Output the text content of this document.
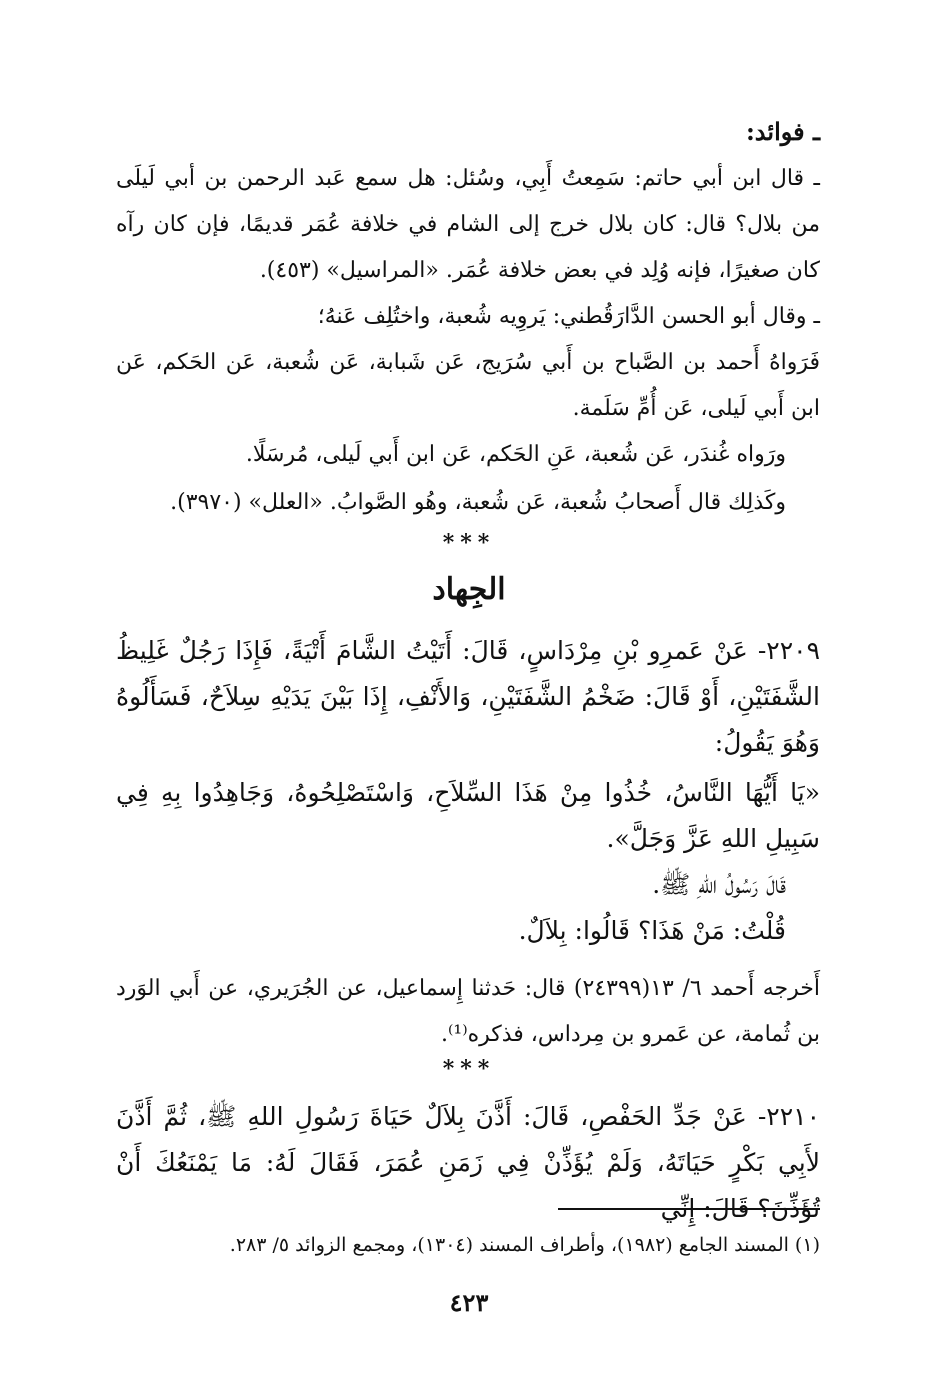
ـ فوائد:

ـ قال ابن أبي حاتم: سَمِعتُ أَبِي، وسُئل: هل سمع عَبد الرحمن بن أبي لَيلَى من بلال؟ قال: كان بلال خرج إلى الشام في خلافة عُمَر قديمًا، فإن كان رآه كان صغيرًا، فإنه وُلِد في بعض خلافة عُمَر. «المراسيل» (٤٥٣).

ـ وقال أبو الحسن الدَّارَقُطني: يَروِيه شُعبة، واختُلِف عَنهُ؛

فَرَواهُ أَحمد بن الصَّباح بن أَبي سُرَيج، عَن شَبابة، عَن شُعبة، عَن الحَكم، عَن ابن أَبي لَيلى، عَن أُمِّ سَلَمة.

ورَواه غُندَر، عَن شُعبة، عَنِ الحَكم، عَن ابن أَبي لَيلى، مُرسَلًا.

وكَذلِك قال أَصحابُ شُعبة، عَن شُعبة، وهُو الصَّوابُ. «العلل» (٣٩٧٠).

***
الجِهاد

٢٢٠٩- عَنْ عَمرِو بْنِ مِرْدَاسٍ، قَالَ: أَتَيْتُ الشَّامَ أَتْيَةً، فَإِذَا رَجُلٌ غَلِيظُ الشَّفَتَيْنِ، أَوْ قَالَ: ضَخْمُ الشَّفَتَيْنِ، وَالأَنْفِ، إِذَا بَيْنَ يَدَيْهِ سِلاَحٌ، فَسَأَلُوهُ وَهُوَ يَقُولُ:

«يَا أَيُّهَا النَّاسُ، خُذُوا مِنْ هَذَا السِّلاَحِ، وَاسْتَصْلِحُوهُ، وَجَاهِدُوا بِهِ فِي سَبِيلِ اللهِ عَزَّ وَجَلَّ».

قَالَ رَسُولُ اللهِ ﷺ.

قُلْتُ: مَنْ هَذَا؟ قَالُوا: بِلاَلٌ.

أَخرجه أَحمد ٦/ ١٣(٢٤٣٩٩) قال: حَدثنا إِسماعيل، عن الجُرَيري، عن أَبي الوَرد بن ثُمامة، عن عَمرو بن مِرداس، فذكره⁽¹⁾.

***

٢٢١٠- عَنْ جَدِّ الحَفْصِ، قَالَ: أَذَّنَ بِلاَلٌ حَيَاةَ رَسُولِ اللهِ ﷺ، ثُمَّ أَذَّنَ لأَبِي بَكْرٍ حَيَاتَهُ، وَلَمْ يُؤَذِّنْ فِي زَمَنِ عُمَرَ، فَقَالَ لَهُ: مَا يَمْنَعُكَ أَنْ تُؤَذِّنَ؟ قَالَ: إِنِّي

(١) المسند الجامع (١٩٨٢)، وأطراف المسند (١٣٠٤)، ومجمع الزوائد ٥/ ٢٨٣.
٤٢٣
